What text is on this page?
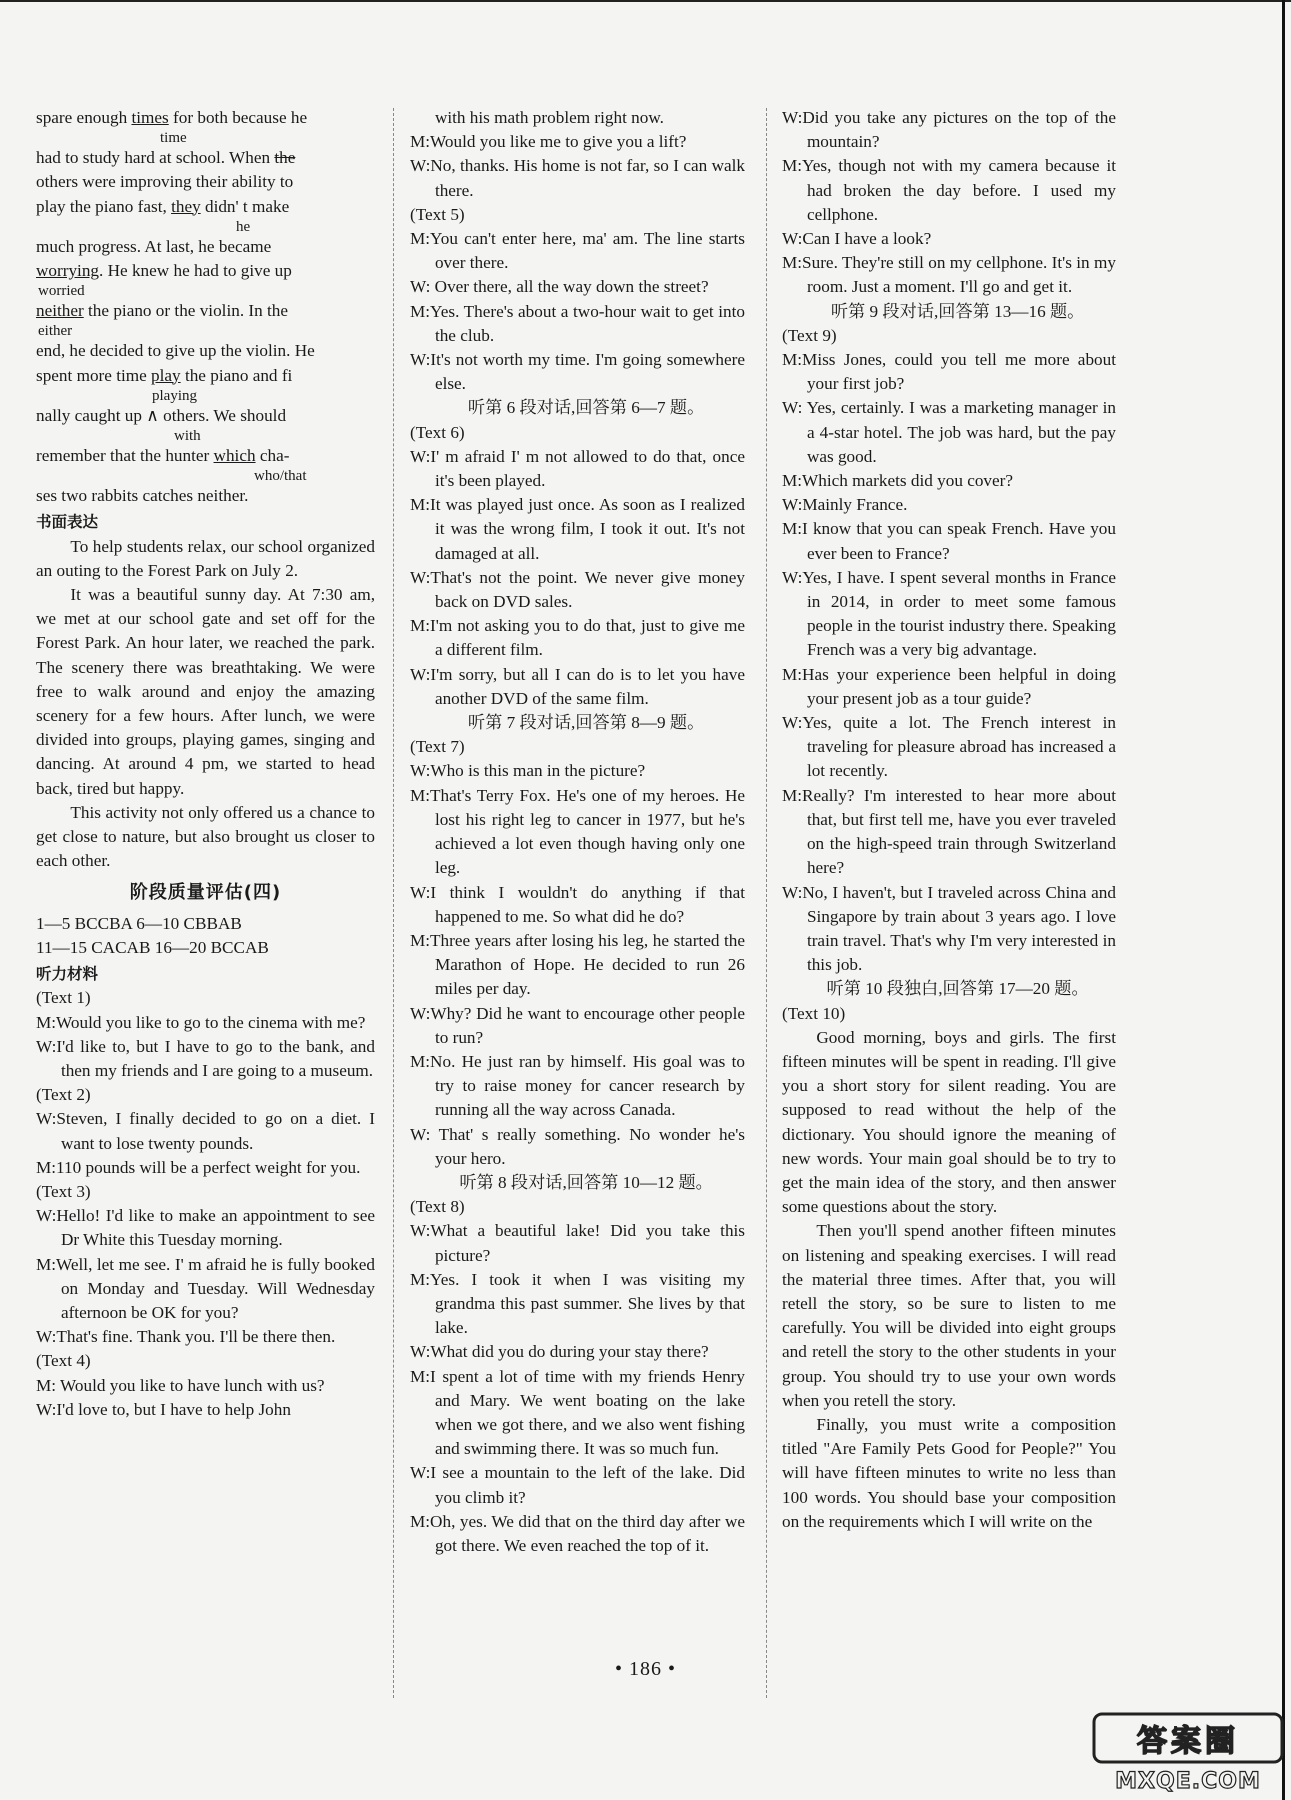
spare enough times for both because he

time

had to study hard at school. When the

others were improving their ability to

play the piano fast, they didn' t make

he

much progress. At last, he became

worrying. He knew he had to give up

worried

neither the piano or the violin. In the

either

end, he decided to give up the violin. He

spent more time play the piano and fi

playing

nally caught up ∧ others. We should

with

remember that the hunter which cha-

who/that

ses two rabbits catches neither.

书面表达

To help students relax, our school organized an outing to the Forest Park on July 2.

It was a beautiful sunny day. At 7:30 am, we met at our school gate and set off for the Forest Park. An hour later, we reached the park. The scenery there was breathtaking. We were free to walk around and enjoy the amazing scenery for a few hours. After lunch, we were divided into groups, playing games, singing and dancing. At around 4 pm, we started to head back, tired but happy.

This activity not only offered us a chance to get close to nature, but also brought us closer to each other.

阶段质量评估(四)

1—5 BCCBA 6—10 CBBAB

11—15 CACAB 16—20 BCCAB

听力材料

(Text 1)

M:Would you like to go to the cinema with me?

W:I'd like to, but I have to go to the bank, and then my friends and I are going to a museum.

(Text 2)

W:Steven, I finally decided to go on a diet. I want to lose twenty pounds.

M:110 pounds will be a perfect weight for you.

(Text 3)

W:Hello! I'd like to make an appointment to see Dr White this Tuesday morning.

M:Well, let me see. I' m afraid he is fully booked on Monday and Tuesday. Will Wednesday afternoon be OK for you?

W:That's fine. Thank you. I'll be there then.

(Text 4)

M: Would you like to have lunch with us?

W:I'd love to, but I have to help John

with his math problem right now.

M:Would you like me to give you a lift?

W:No, thanks. His home is not far, so I can walk there.

(Text 5)

M:You can't enter here, ma' am. The line starts over there.

W: Over there, all the way down the street?

M:Yes. There's about a two-hour wait to get into the club.

W:It's not worth my time. I'm going somewhere else.

听第 6 段对话,回答第 6—7 题。

(Text 6)

W:I' m afraid I' m not allowed to do that, once it's been played.

M:It was played just once. As soon as I realized it was the wrong film, I took it out. It's not damaged at all.

W:That's not the point. We never give money back on DVD sales.

M:I'm not asking you to do that, just to give me a different film.

W:I'm sorry, but all I can do is to let you have another DVD of the same film.

听第 7 段对话,回答第 8—9 题。

(Text 7)

W:Who is this man in the picture?

M:That's Terry Fox. He's one of my heroes. He lost his right leg to cancer in 1977, but he's achieved a lot even though having only one leg.

W:I think I wouldn't do anything if that happened to me. So what did he do?

M:Three years after losing his leg, he started the Marathon of Hope. He decided to run 26 miles per day.

W:Why? Did he want to encourage other people to run?

M:No. He just ran by himself. His goal was to try to raise money for cancer research by running all the way across Canada.

W: That' s really something. No wonder he's your hero.

听第 8 段对话,回答第 10—12 题。

(Text 8)

W:What a beautiful lake! Did you take this picture?

M:Yes. I took it when I was visiting my grandma this past summer. She lives by that lake.

W:What did you do during your stay there?

M:I spent a lot of time with my friends Henry and Mary. We went boating on the lake when we got there, and we also went fishing and swimming there. It was so much fun.

W:I see a mountain to the left of the lake. Did you climb it?

M:Oh, yes. We did that on the third day after we got there. We even reached the top of it.

W:Did you take any pictures on the top of the mountain?

M:Yes, though not with my camera because it had broken the day before. I used my cellphone.

W:Can I have a look?

M:Sure. They're still on my cellphone. It's in my room. Just a moment. I'll go and get it.

听第 9 段对话,回答第 13—16 题。

(Text 9)

M:Miss Jones, could you tell me more about your first job?

W: Yes, certainly. I was a marketing manager in a 4-star hotel. The job was hard, but the pay was good.

M:Which markets did you cover?

W:Mainly France.

M:I know that you can speak French. Have you ever been to France?

W:Yes, I have. I spent several months in France in 2014, in order to meet some famous people in the tourist industry there. Speaking French was a very big advantage.

M:Has your experience been helpful in doing your present job as a tour guide?

W:Yes, quite a lot. The French interest in traveling for pleasure abroad has increased a lot recently.

M:Really? I'm interested to hear more about that, but first tell me, have you ever traveled on the high-speed train through Switzerland here?

W:No, I haven't, but I traveled across China and Singapore by train about 3 years ago. I love train travel. That's why I'm very interested in this job.

听第 10 段独白,回答第 17—20 题。

(Text 10)

Good morning, boys and girls. The first fifteen minutes will be spent in reading. I'll give you a short story for silent reading. You are supposed to read without the help of the dictionary. You should ignore the meaning of new words. Your main goal should be to try to get the main idea of the story, and then answer some questions about the story.

Then you'll spend another fifteen minutes on listening and speaking exercises. I will read the material three times. After that, you will retell the story, so be sure to listen to me carefully. You will be divided into eight groups and retell the story to the other students in your group. You should try to use your own words when you retell the story.

Finally, you must write a composition titled "Are Family Pets Good for People?" You will have fifteen minutes to write no less than 100 words. You should base your composition on the requirements which I will write on the

• 186 •
答案圈
MXQE.COM
